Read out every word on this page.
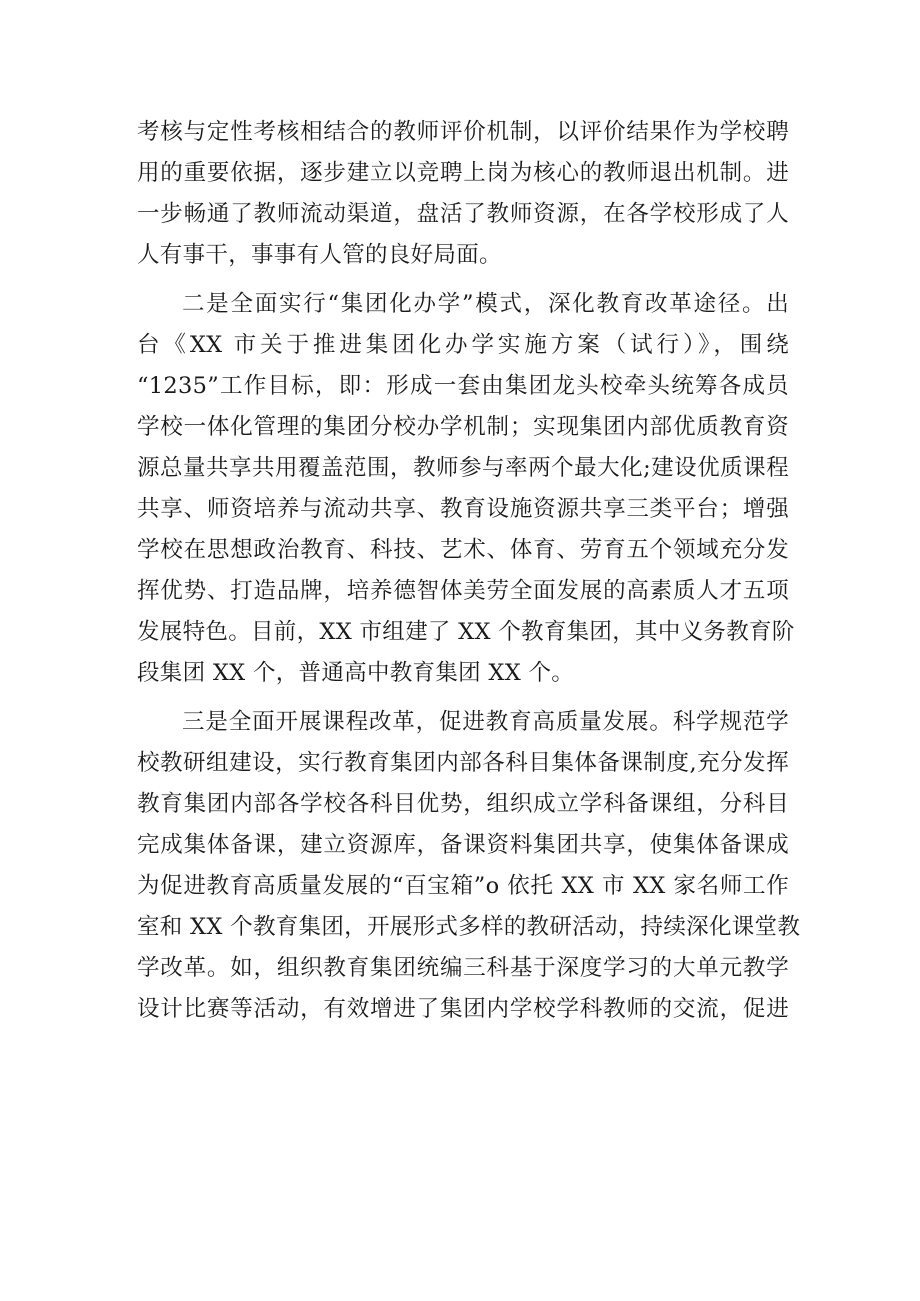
考核与定性考核相结合的教师评价机制，以评价结果作为学校聘
用的重要依据，逐步建立以竞聘上岗为核心的教师退出机制。进
一步畅通了教师流动渠道，盘活了教师资源，在各学校形成了人
人有事干，事事有人管的良好局面。
二是全面实行“集团化办学”模式，深化教育改革途径。出
台《XX 市关于推进集团化办学实施方案（试行）》，围绕
“1235”工作目标，即：形成一套由集团龙头校牵头统筹各成员
学校一体化管理的集团分校办学机制；实现集团内部优质教育资
源总量共享共用覆盖范围，教师参与率两个最大化;建设优质课程
共享、师资培养与流动共享、教育设施资源共享三类平台；增强
学校在思想政治教育、科技、艺术、体育、劳育五个领域充分发
挥优势、打造品牌，培养德智体美劳全面发展的高素质人才五项
发展特色。目前，XX 市组建了 XX 个教育集团，其中义务教育阶
段集团 XX 个，普通高中教育集团 XX 个。
三是全面开展课程改革，促进教育高质量发展。科学规范学
校教研组建设，实行教育集团内部各科目集体备课制度,充分发挥
教育集团内部各学校各科目优势，组织成立学科备课组，分科目
完成集体备课，建立资源库，备课资料集团共享，使集体备课成
为促进教育高质量发展的“百宝箱”o 依托 XX 市 XX 家名师工作
室和 XX 个教育集团，开展形式多样的教研活动，持续深化课堂教
学改革。如，组织教育集团统编三科基于深度学习的大单元教学
设计比赛等活动，有效增进了集团内学校学科教师的交流，促进
